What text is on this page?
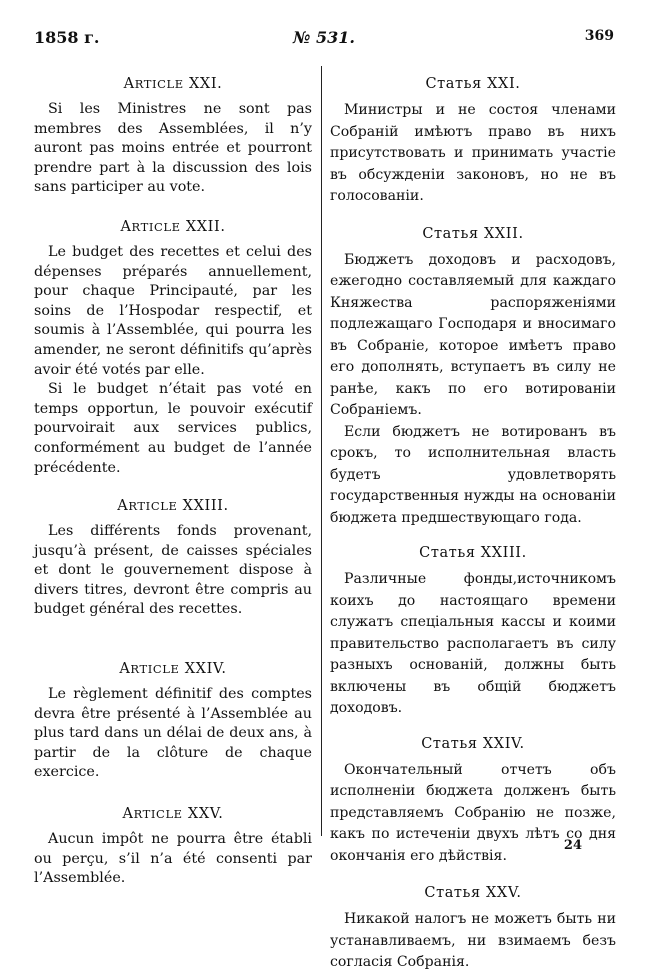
1858 г.	№ 531.	369

ARTICLE XXI.

Si les Ministres ne sont pas membres des Assemblées, il n’y auront pas moins entrée et pourront prendre part à la discussion des lois sans participer au vote.

ARTICLE XXII.

Le budget des recettes et celui des dépenses préparés annuellement, pour chaque Principauté, par les soins de l’Hospodar respectif, et soumis à l’Assemblée, qui pourra les amender, ne seront définitifs qu’après avoir été votés par elle.

Si le budget n’était pas voté en temps opportun, le pouvoir exécutif pourvoirait aux services publics, conformément au budget de l’année précédente.

ARTICLE XXIII.

Les différents fonds provenant, jusqu’à présent, de caisses spéciales et dont le gouvernement dispose à divers titres, devront être compris au budget général des recettes.

ARTICLE XXIV.

Le règlement définitif des comptes devra être présenté à l’Assemblée au plus tard dans un délai de deux ans, à partir de la clôture de chaque exercice.

ARTICLE XXV.

Aucun impôt ne pourra être établi ou perçu, s’il n’a été consenti par l’Assemblée.

Статья XXI.

Министры и не состоя членами Собраній имѣютъ право въ нихъ присутствовать и принимать участіе въ обсужденіи законовъ, но не въ голосованіи.

Статья XXII.

Бюджетъ доходовъ и расходовъ, ежегодно составляемый для каждаго Княжества распоряженіями подлежащаго Господаря и вносимаго въ Собраніе, которое имѣетъ право его дополнять, вступаетъ въ силу не ранѣе, какъ по его вотированіи Собраніемъ.

Если бюджетъ не вотированъ въ срокъ, то исполнительная власть будетъ удовлетворять государственныя нужды на основаніи бюджета предшествующаго года.

Статья XXIII.

Различные фонды,источникомъ коихъ до настоящаго времени служатъ спеціальныя кассы и коими правительство располагаетъ въ силу разныхъ основаній, должны быть включены въ общій бюджетъ доходовъ.

Статья XXIV.

Окончательный отчетъ объ исполненіи бюджета долженъ быть представляемъ Собранію не позже, какъ по истеченіи двухъ лѣтъ со дня окончанія его дѣйствія.

Статья XXV.

Никакой налогъ не можетъ быть ни устанавливаемъ, ни взимаемъ безъ согласія Собранія.

24
